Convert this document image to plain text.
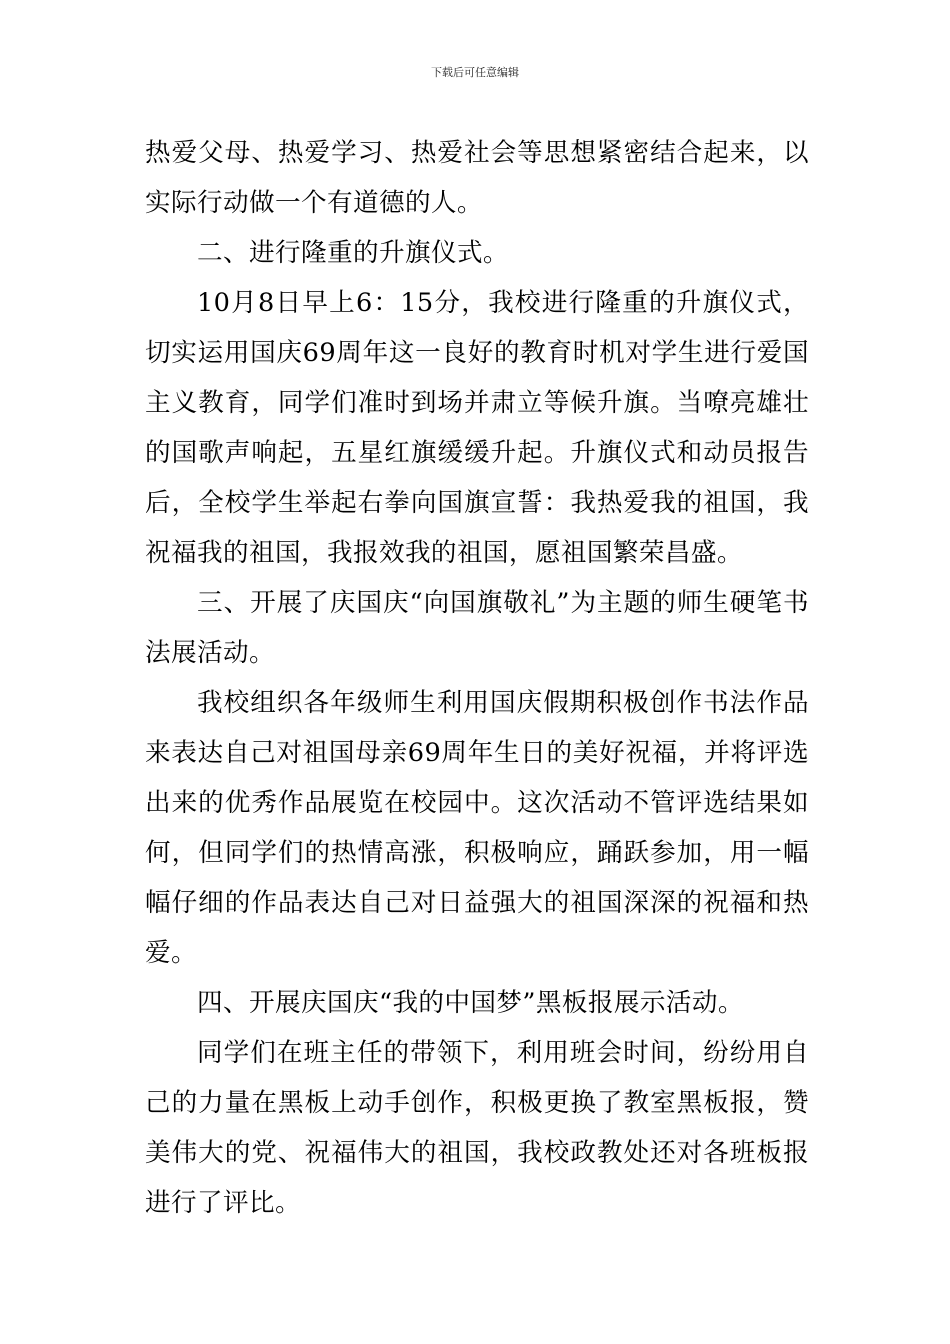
下载后可任意编辑

热爱父母、热爱学习、热爱社会等思想紧密结合起来，以实际行动做一个有道德的人。

二、进行隆重的升旗仪式。

10月8日早上6：15分，我校进行隆重的升旗仪式，切实运用国庆69周年这一良好的教育时机对学生进行爱国主义教育，同学们准时到场并肃立等候升旗。当嘹亮雄壮的国歌声响起，五星红旗缓缓升起。升旗仪式和动员报告后，全校学生举起右拳向国旗宣誓：我热爱我的祖国，我祝福我的祖国，我报效我的祖国，愿祖国繁荣昌盛。

三、开展了庆国庆“向国旗敬礼”为主题的师生硬笔书法展活动。

我校组织各年级师生利用国庆假期积极创作书法作品来表达自己对祖国母亲69周年生日的美好祝福，并将评选出来的优秀作品展览在校园中。这次活动不管评选结果如何，但同学们的热情高涨，积极响应，踊跃参加，用一幅幅仔细的作品表达自己对日益强大的祖国深深的祝福和热爱。

四、开展庆国庆“我的中国梦”黑板报展示活动。

同学们在班主任的带领下，利用班会时间，纷纷用自己的力量在黑板上动手创作，积极更换了教室黑板报，赞美伟大的党、祝福伟大的祖国，我校政教处还对各班板报进行了评比。
